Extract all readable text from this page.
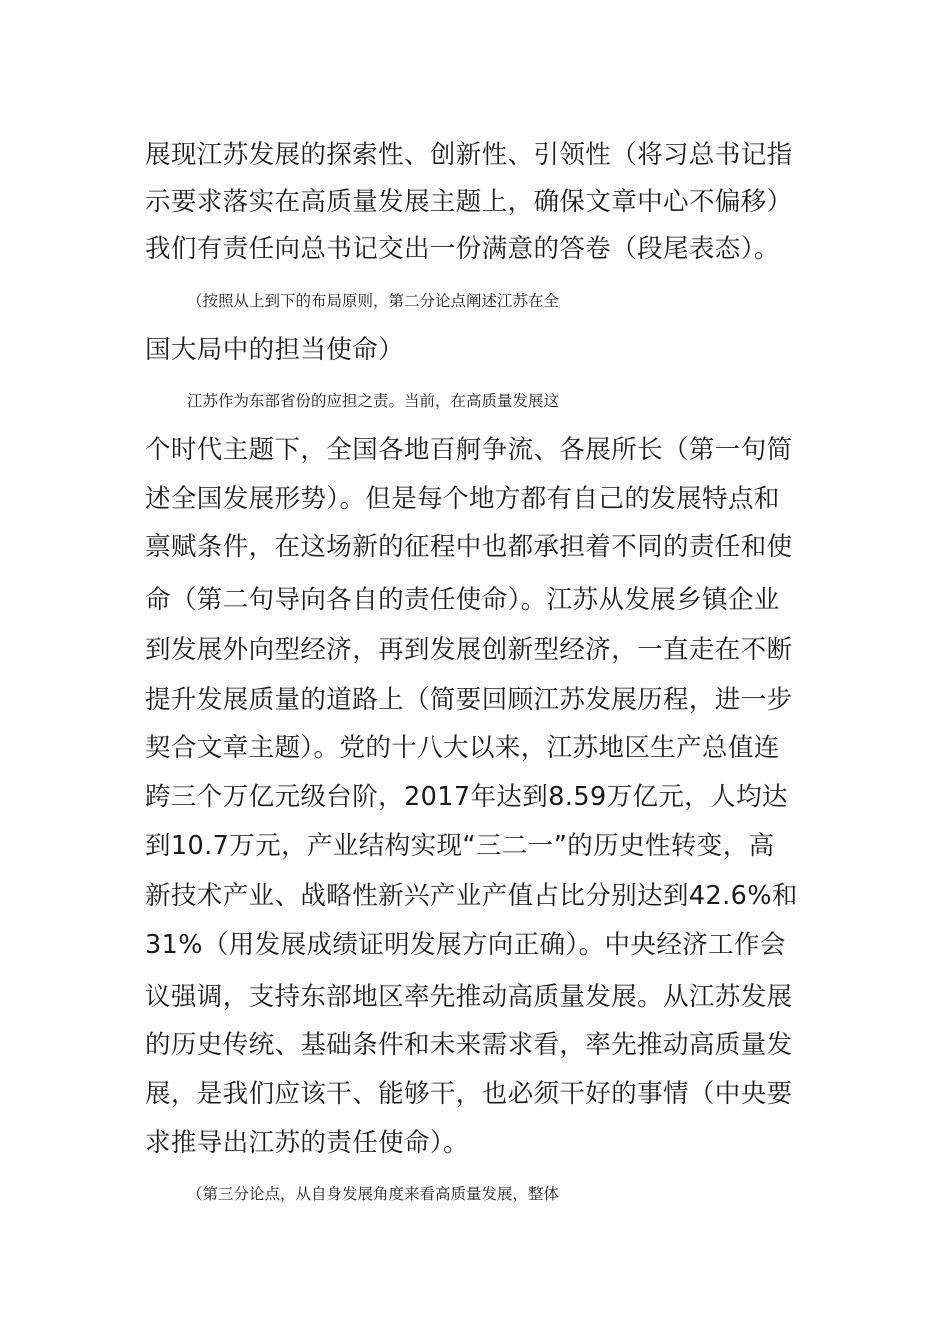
展现江苏发展的探索性、创新性、引领性（将习总书记指
示要求落实在高质量发展主题上，确保文章中心不偏移）
我们有责任向总书记交出一份满意的答卷（段尾表态）。
（按照从上到下的布局原则，第二分论点阐述江苏在全
国大局中的担当使命）
江苏作为东部省份的应担之责。当前，在高质量发展这
个时代主题下，全国各地百舸争流、各展所长（第一句简
述全国发展形势）。但是每个地方都有自己的发展特点和
禀赋条件，在这场新的征程中也都承担着不同的责任和使
命（第二句导向各自的责任使命）。江苏从发展乡镇企业
到发展外向型经济，再到发展创新型经济，一直走在不断
提升发展质量的道路上（简要回顾江苏发展历程，进一步
契合文章主题）。党的十八大以来，江苏地区生产总值连
跨三个万亿元级台阶，2017年达到8.59万亿元，人均达
到10.7万元，产业结构实现“三二一”的历史性转变，高
新技术产业、战略性新兴产业产值占比分别达到42.6%和
31%（用发展成绩证明发展方向正确）。中央经济工作会
议强调，支持东部地区率先推动高质量发展。从江苏发展
的历史传统、基础条件和未来需求看，率先推动高质量发
展，是我们应该干、能够干，也必须干好的事情（中央要
求推导出江苏的责任使命）。
（第三分论点，从自身发展角度来看高质量发展，整体
